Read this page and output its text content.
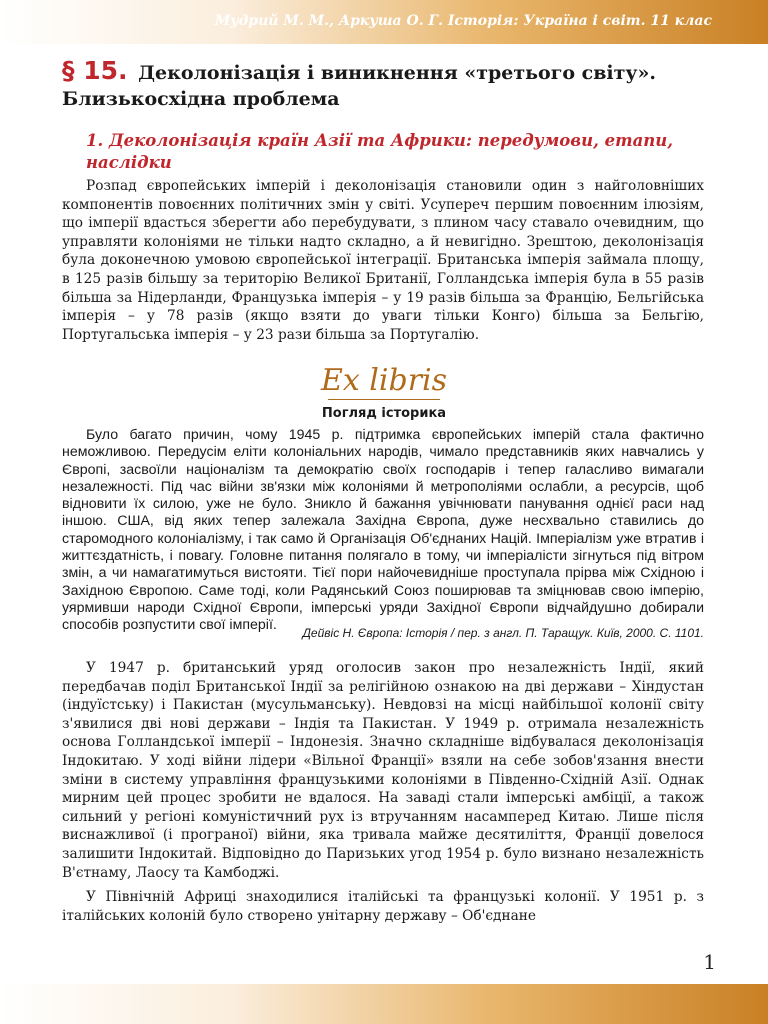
Мудрий М. М., Аркуша О. Г. Історія: Україна і світ. 11 клас
§ 15. Деколонізація і виникнення «третього світу». Близькосхідна проблема
1. Деколонізація країн Азії та Африки: передумови, етапи, наслідки

Розпад європейських імперій і деколонізація становили один з найголовніших компонентів повоєнних політичних змін у світі. Усупереч першим повоєнним ілюзіям, що імперії вдасться зберегти або перебудувати, з плином часу ставало очевидним, що управляти колоніями не тільки надто складно, а й невигідно. Зрештою, деколонізація була доконечною умовою європейської інтеграції. Британська імперія займала площу, в 125 разів більшу за територію Великої Британії, Голландська імперія була в 55 разів більша за Нідерланди, Французька імперія – у 19 разів більша за Францію, Бельгійська імперія – у 78 разів (якщо взяти до уваги тільки Конго) більша за Бельгію, Португальська імперія – у 23 рази більша за Португалію.

Ex libris
Погляд історика

Було багато причин, чому 1945 р. підтримка європейських імперій стала фактично неможливою. Передусім еліти колоніальних народів, чимало представників яких навчались у Європі, засвоїли націоналізм та демократію своїх господарів і тепер галасливо вимагали незалежності. Під час війни зв'язки між колоніями й метрополіями ослабли, а ресурсів, щоб відновити їх силою, уже не було. Зникло й бажання увічнювати панування однієї раси над іншою. США, від яких тепер залежала Західна Європа, дуже несхвально ставились до старомодного колоніалізму, і так само й Організація Об'єднаних Націй. Імперіалізм уже втратив і життєздатність, і повагу. Головне питання полягало в тому, чи імперіалісти зігнуться під вітром змін, а чи намагатимуться вистояти. Тієї пори найочевидніше проступала прірва між Східною і Західною Європою. Саме тоді, коли Радянський Союз поширював та зміцнював свою імперію, уярмивши народи Східної Європи, імперські уряди Західної Європи відчайдушно добирали способів розпустити свої імперії.	Дейвіс Н. Європа: Історія / пер. з англ. П. Таращук. Київ, 2000. С. 1101.

У 1947 р. британський уряд оголосив закон про незалежність Індії, який передбачав поділ Британської Індії за релігійною ознакою на дві держави – Хіндустан (індуїстську) і Пакистан (мусульманську). Невдовзі на місці найбільшої колонії світу з'явилися дві нові держави – Індія та Пакистан. У 1949 р. отримала незалежність основа Голландської імперії – Індонезія. Значно складніше відбувалася деколонізація Індокитаю. У ході війни лідери «Вільної Франції» взяли на себе зобов'язання внести зміни в систему управління французькими колоніями в Південно-Східній Азії. Однак мирним цей процес зробити не вдалося. На заваді стали імперські амбіції, а також сильний у регіоні комуністичний рух із втручанням насамперед Китаю. Лише після виснажливої (і програної) війни, яка тривала майже десятиліття, Франції довелося залишити Індокитай. Відповідно до Паризьких угод 1954 р. було визнано незалежність В'єтнаму, Лаосу та Камбоджі.

У Північній Африці знаходилися італійські та французькі колонії. У 1951 р. з італійських колоній було створено унітарну державу – Об'єднане

1
